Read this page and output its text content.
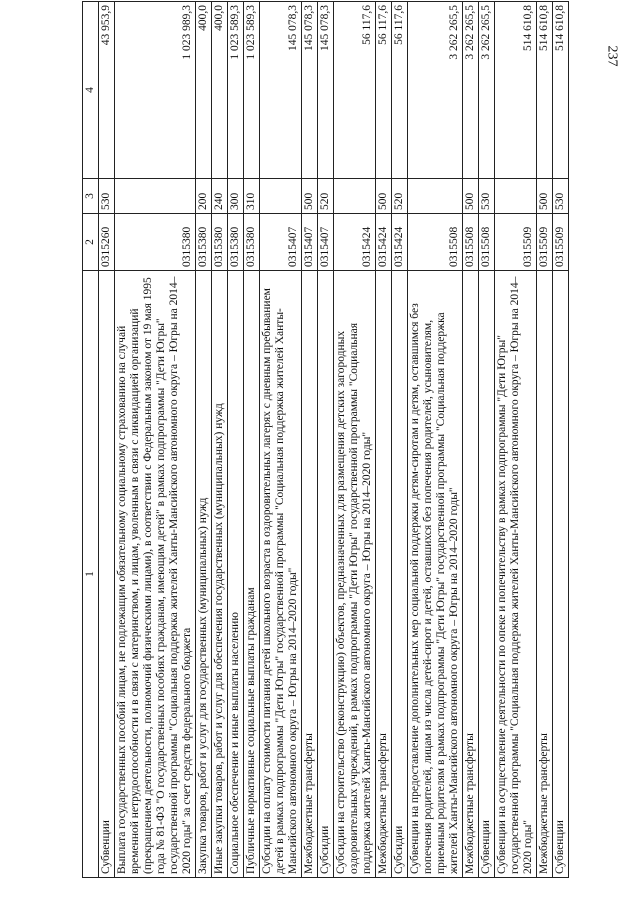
237
1	2	3	4
Субвенции	0315260	530	43 953,9
Выплата государственных пособий лицам, не подлежащим обязательному социальному страхованию на случай временной нетрудоспособности и в связи с материнством, и лицам, уволенным в связи с ликвидацией организаций (прекращением деятельности, полномочий физическими лицами), в соответствии с Федеральным законом от 19 мая 1995 года № 81-ФЗ "О государственных пособиях гражданам, имеющим детей" в рамках подпрограммы "Дети Югры" государственной программы "Социальная поддержка жителей Ханты-Мансийского автономного округа – Югры на 2014–2020 годы" за счет средств федерального бюджета	0315380		1 023 989,3
Закупка товаров, работ и услуг для государственных (муниципальных) нужд	0315380	200	400,0
Иные закупки товаров, работ и услуг для обеспечения государственных (муниципальных) нужд	0315380	240	400,0
Социальное обеспечение и иные выплаты населению	0315380	300	1 023 589,3
Публичные нормативные социальные выплаты гражданам	0315380	310	1 023 589,3
Субсидии на оплату стоимости питания детей школьного возраста в оздоровительных лагерях с дневным пребыванием детей в рамках подпрограммы "Дети Югры" государственной программы "Социальная поддержка жителей Ханты-Мансийского автономного округа – Югры на 2014–2020 годы"	0315407		145 078,3
Межбюджетные трансферты	0315407	500	145 078,3
Субсидии	0315407	520	145 078,3
Субсидии на строительство (реконструкцию) объектов, предназначенных для размещения детских загородных оздоровительных учреждений, в рамках подпрограммы "Дети Югры" государственной программы "Социальная поддержка жителей Ханты-Мансийского автономного округа – Югры на 2014–2020 годы"	0315424		56 117,6
Межбюджетные трансферты	0315424	500	56 117,6
Субсидии	0315424	520	56 117,6
Субвенции на предоставление дополнительных мер социальной поддержки детям-сиротам и детям, оставшимся без попечения родителей, лицам из числа детей-сирот и детей, оставшихся без попечения родителей, усыновителям, приемным родителям в рамках подпрограммы "Дети Югры" государственной программы "Социальная поддержка жителей Ханты-Мансийского автономного округа – Югры на 2014–2020 годы"	0315508		3 262 265,5
Межбюджетные трансферты	0315508	500	3 262 265,5
Субвенции	0315508	530	3 262 265,5
Субвенции на осуществление деятельности по опеке и попечительству в рамках подпрограммы "Дети Югры" государственной программы "Социальная поддержка жителей Ханты-Мансийского автономного округа – Югры на 2014–2020 годы"	0315509		514 610,8
Межбюджетные трансферты	0315509	500	514 610,8
Субвенции	0315509	530	514 610,8
